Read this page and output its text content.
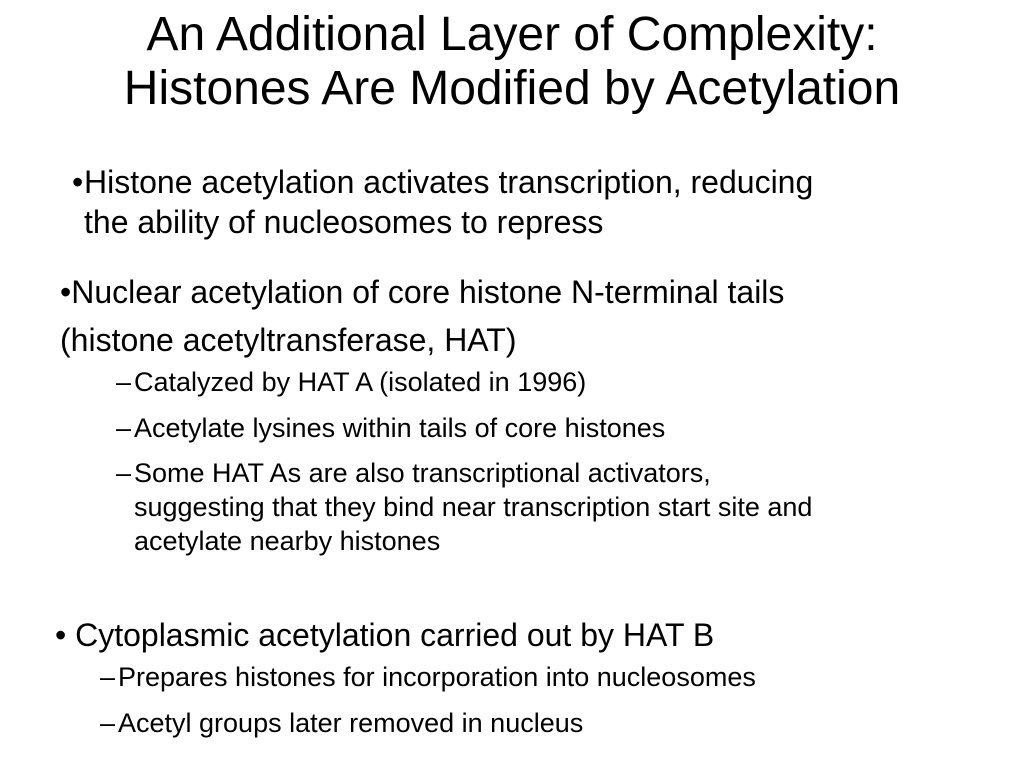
An Additional Layer of Complexity:
Histones Are Modified by Acetylation
• Histone acetylation activates transcription, reducing
the ability of nucleosomes to repress
•Nuclear acetylation of core histone N-terminal tails
(histone acetyltransferase, HAT)
– Catalyzed by HAT A (isolated in 1996)
– Acetylate lysines within tails of core histones
– Some HAT As are also transcriptional activators,
suggesting that they bind near transcription start site and
acetylate nearby histones
• Cytoplasmic acetylation carried out by HAT B
– Prepares histones for incorporation into nucleosomes
– Acetyl groups later removed in nucleus
